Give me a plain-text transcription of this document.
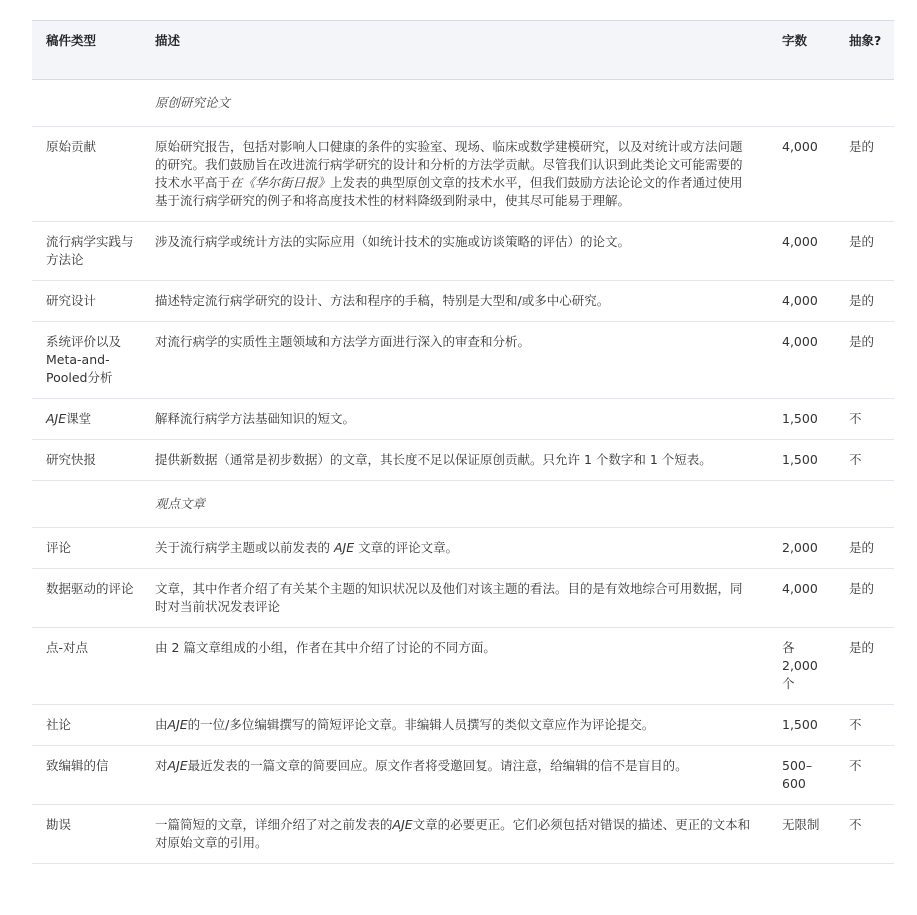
稿件类型	描述	字数	抽象?
	原创研究论文		
原始贡献	原始研究报告，包括对影响人口健康的条件的实验室、现场、临床或数学建模研究，以及对统计或方法问题的研究。我们鼓励旨在改进流行病学研究的设计和分析的方法学贡献。尽管我们认识到此类论文可能需要的技术水平高于在《华尔街日报》上发表的典型原创文章的技术水平，但我们鼓励方法论论文的作者通过使用基于流行病学研究的例子和将高度技术性的材料降级到附录中，使其尽可能易于理解。	4,000	是的
流行病学实践与方法论	涉及流行病学或统计方法的实际应用（如统计技术的实施或访谈策略的评估）的论文。	4,000	是的
研究设计	描述特定流行病学研究的设计、方法和程序的手稿，特别是大型和/或多中心研究。	4,000	是的
系统评价以及Meta-and-Pooled分析	对流行病学的实质性主题领域和方法学方面进行深入的审查和分析。	4,000	是的
AJE课堂	解释流行病学方法基础知识的短文。	1,500	不
研究快报	提供新数据（通常是初步数据）的文章，其长度不足以保证原创贡献。只允许 1 个数字和 1 个短表。	1,500	不
	观点文章		
评论	关于流行病学主题或以前发表的 AJE 文章的评论文章。	2,000	是的
数据驱动的评论	文章，其中作者介绍了有关某个主题的知识状况以及他们对该主题的看法。目的是有效地综合可用数据，同时对当前状况发表评论	4,000	是的
点-对点	由 2 篇文章组成的小组，作者在其中介绍了讨论的不同方面。	各 2,000 个	是的
社论	由AJE的一位/多位编辑撰写的简短评论文章。非编辑人员撰写的类似文章应作为评论提交。	1,500	不
致编辑的信	对AJE最近发表的一篇文章的简要回应。原文作者将受邀回复。请注意，给编辑的信不是盲目的。	500–600	不
勘误	一篇简短的文章，详细介绍了对之前发表的AJE文章的必要更正。它们必须包括对错误的描述、更正的文本和对原始文章的引用。	无限制	不
